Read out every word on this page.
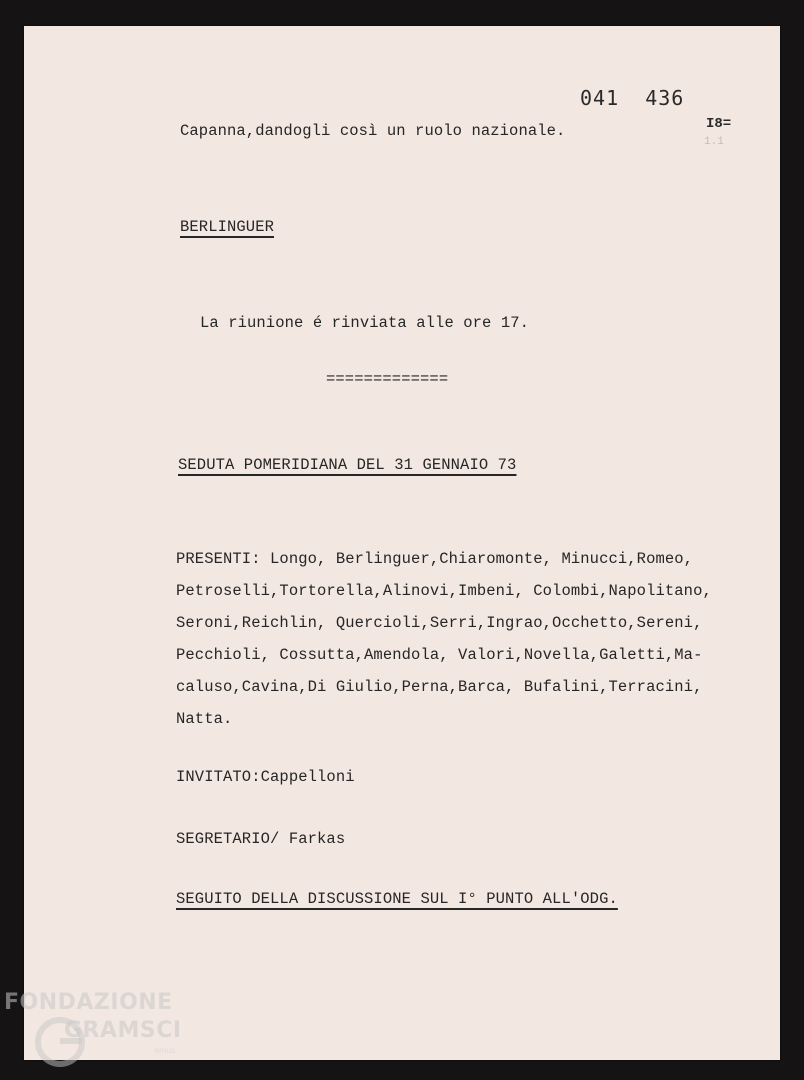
041  436
I8=
1.1
Capanna,dandogli così un ruolo nazionale.
BERLINGUER
La riunione é rinviata alle ore 17.
=============
SEDUTA POMERIDIANA DEL 31 GENNAIO 73
PRESENTI: Longo, Berlinguer,Chiaromonte, Minucci,Romeo,
Petroselli,Tortorella,Alinovi,Imbeni, Colombi,Napolitano,
Seroni,Reichlin, Quercioli,Serri,Ingrao,Occhetto,Sereni,
Pecchioli, Cossutta,Amendola, Valori,Novella,Galetti,Ma-
caluso,Cavina,Di Giulio,Perna,Barca, Bufalini,Terracini,
Natta.
INVITATO:Cappelloni
SEGRETARIO/ Farkas
SEGUITO DELLA DISCUSSIONE SUL I° PUNTO ALL'ODG.
FONDAZIONE
GRAMSCI
onlus
